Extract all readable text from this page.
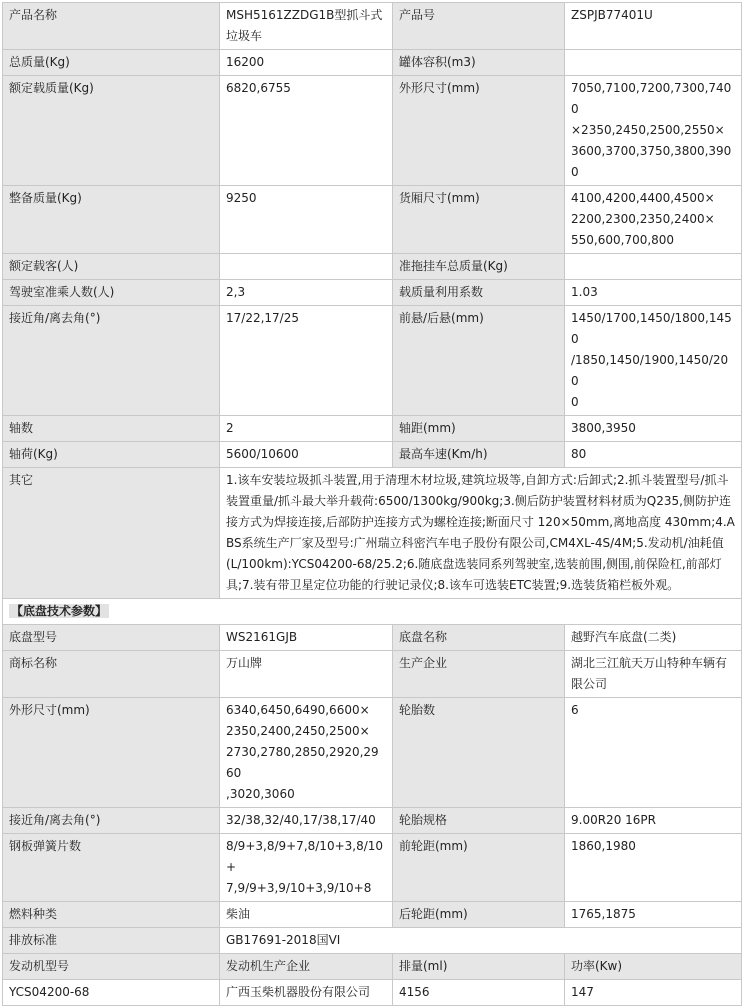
产品名称	MSH5161ZZDG1B型抓斗式垃圾车	产品号	ZSPJB77401U
总质量(Kg)	16200	罐体容积(m3)	
额定载质量(Kg)	6820,6755	外形尺寸(mm)	7050,7100,7200,7300,7400
×2350,2450,2500,2550×
3600,3700,3750,3800,3900
整备质量(Kg)	9250	货厢尺寸(mm)	4100,4200,4400,4500×
2200,2300,2350,2400×
550,600,700,800
额定载客(人)		准拖挂车总质量(Kg)	
驾驶室准乘人数(人)	2,3	载质量利用系数	1.03
接近角/离去角(°)	17/22,17/25	前悬/后悬(mm)	1450/1700,1450/1800,1450
/1850,1450/1900,1450/200
0
轴数	2	轴距(mm)	3800,3950
轴荷(Kg)	5600/10600	最高车速(Km/h)	80
其它	1.该车安装垃圾抓斗装置,用于清理木材垃圾,建筑垃圾等,自卸方式:后卸式;2.抓斗装置型号/抓斗装置重量/抓斗最大举升载荷:6500/1300kg/900kg;3.侧后防护装置材料材质为Q235,侧防护连接方式为焊接连接,后部防护连接方式为螺栓连接;断面尺寸 120×50mm,离地高度 430mm;4.ABS系统生产厂家及型号:广州瑞立科密汽车电子股份有限公司,CM4XL-4S/4M;5.发动机/油耗值(L/100km):YCS04200-68/25.2;6.随底盘选装同系列驾驶室,选装前围,侧围,前保险杠,前部灯具;7.装有带卫星定位功能的行驶记录仪;8.该车可选装ETC装置;9.选装货箱栏板外观。		
【底盘技术参数】			
底盘型号	WS2161GJB	底盘名称	越野汽车底盘(二类)
商标名称	万山牌	生产企业	湖北三江航天万山特种车辆有限公司
外形尺寸(mm)	6340,6450,6490,6600×
2350,2400,2450,2500×
2730,2780,2850,2920,2960
,3020,3060	轮胎数	6
接近角/离去角(°)	32/38,32/40,17/38,17/40	轮胎规格	9.00R20 16PR
钢板弹簧片数	8/9+3,8/9+7,8/10+3,8/10+
7,9/9+3,9/10+3,9/10+8	前轮距(mm)	1860,1980
燃料种类	柴油	后轮距(mm)	1765,1875
排放标准	GB17691-2018国VI		
发动机型号	发动机生产企业	排量(ml)	功率(Kw)
YCS04200-68	广西玉柴机器股份有限公司	4156	147
